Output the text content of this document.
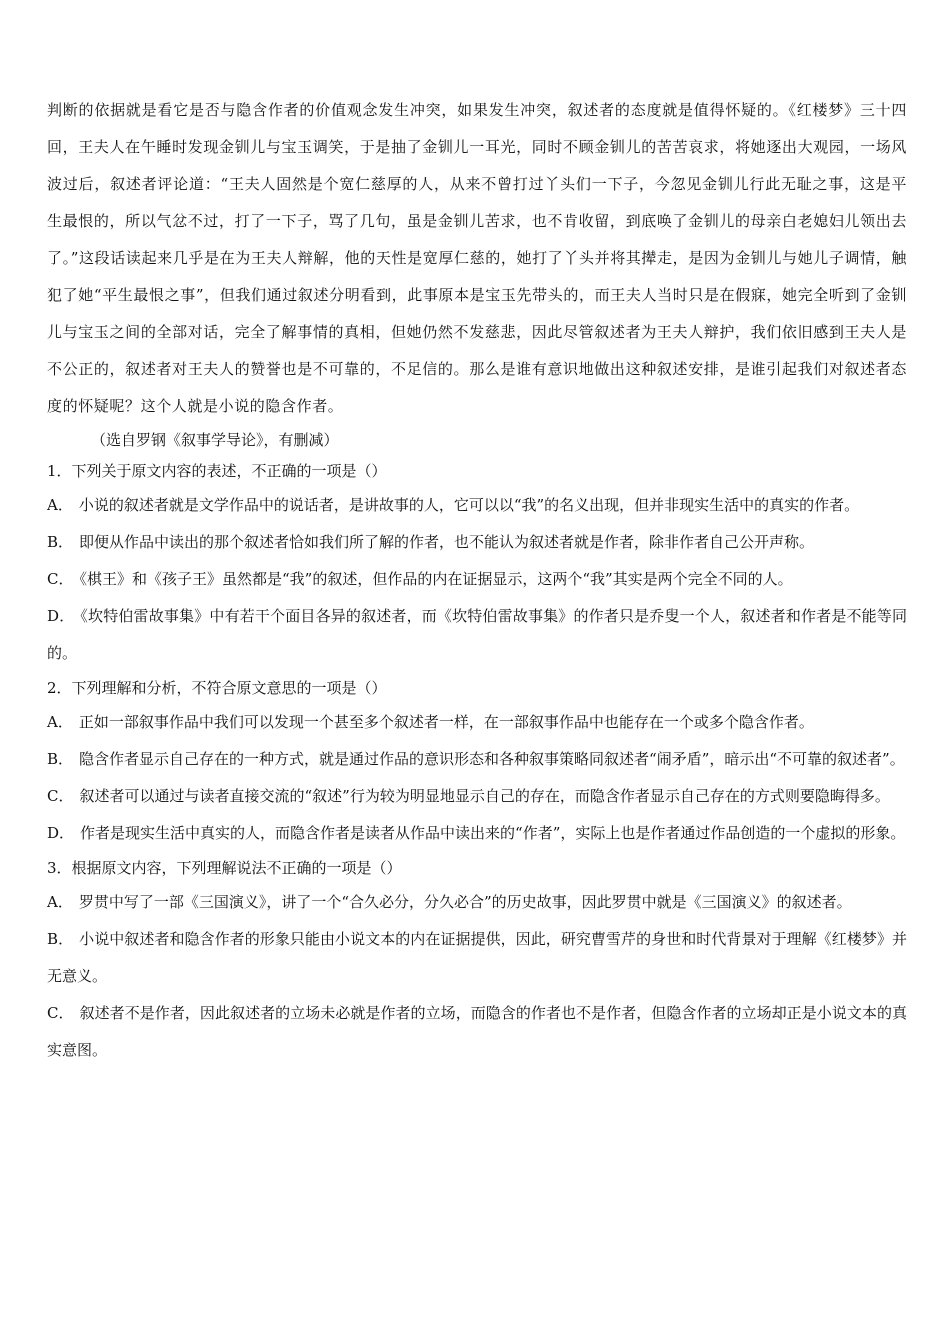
判断的依据就是看它是否与隐含作者的价值观念发生冲突，如果发生冲突，叙述者的态度就是值得怀疑的。《红楼梦》三十四回，王夫人在午睡时发现金钏儿与宝玉调笑，于是抽了金钏儿一耳光，同时不顾金钏儿的苦苦哀求，将她逐出大观园，一场风波过后，叙述者评论道：“王夫人固然是个宽仁慈厚的人，从来不曾打过丫头们一下子，今忽见金钏儿行此无耻之事，这是平生最恨的，所以气忿不过，打了一下子，骂了几句，虽是金钏儿苦求，也不肯收留，到底唤了金钏儿的母亲白老媳妇儿领出去了。”这段话读起来几乎是在为王夫人辩解，他的天性是宽厚仁慈的，她打了丫头并将其撵走，是因为金钏儿与她儿子调情，触犯了她“平生最恨之事”，但我们通过叙述分明看到，此事原本是宝玉先带头的，而王夫人当时只是在假寐，她完全听到了金钏儿与宝玉之间的全部对话，完全了解事情的真相，但她仍然不发慈悲，因此尽管叙述者为王夫人辩护，我们依旧感到王夫人是不公正的，叙述者对王夫人的赞誉也是不可靠的，不足信的。那么是谁有意识地做出这种叙述安排，是谁引起我们对叙述者态度的怀疑呢？这个人就是小说的隐含作者。

（选自罗钢《叙事学导论》，有删减）

1．下列关于原文内容的表述，不正确的一项是（）

A． 小说的叙述者就是文学作品中的说话者，是讲故事的人，它可以以“我”的名义出现，但并非现实生活中的真实的作者。

B． 即便从作品中读出的那个叙述者恰如我们所了解的作者，也不能认为叙述者就是作者，除非作者自己公开声称。

C． 《棋王》和《孩子王》虽然都是“我”的叙述，但作品的内在证据显示，这两个“我”其实是两个完全不同的人。

D． 《坎特伯雷故事集》中有若干个面目各异的叙述者，而《坎特伯雷故事集》的作者只是乔叟一个人，叙述者和作者是不能等同的。

2．下列理解和分析，不符合原文意思的一项是（）

A． 正如一部叙事作品中我们可以发现一个甚至多个叙述者一样，在一部叙事作品中也能存在一个或多个隐含作者。

B． 隐含作者显示自己存在的一种方式，就是通过作品的意识形态和各种叙事策略同叙述者“闹矛盾”，暗示出“不可靠的叙述者”。

C． 叙述者可以通过与读者直接交流的“叙述”行为较为明显地显示自己的存在，而隐含作者显示自己存在的方式则要隐晦得多。

D． 作者是现实生活中真实的人，而隐含作者是读者从作品中读出来的“作者”，实际上也是作者通过作品创造的一个虚拟的形象。

3．根据原文内容，下列理解说法不正确的一项是（）

A． 罗贯中写了一部《三国演义》，讲了一个“合久必分，分久必合”的历史故事，因此罗贯中就是《三国演义》的叙述者。

B． 小说中叙述者和隐含作者的形象只能由小说文本的内在证据提供，因此，研究曹雪芹的身世和时代背景对于理解《红楼梦》并无意义。

C． 叙述者不是作者，因此叙述者的立场未必就是作者的立场，而隐含的作者也不是作者，但隐含作者的立场却正是小说文本的真实意图。
